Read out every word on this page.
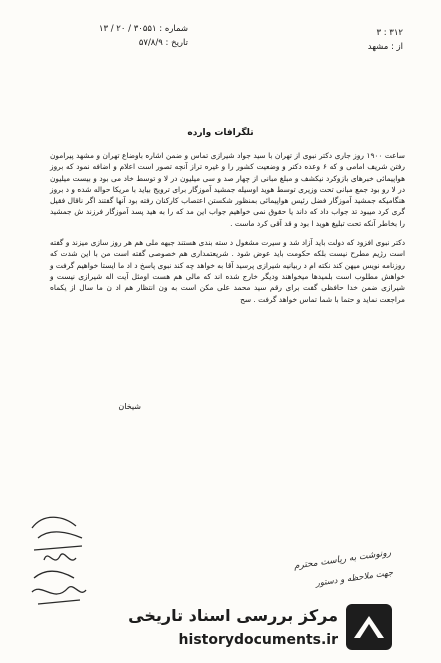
شماره : ۳۰۵۵۱ / ۲۰ / ۱۳
تاریخ : ۵۷/۸/۹
۳۱۲ : ۳
از : مشهد
تلگرافات وارده

ساعت ۱۹۰۰ روز جاری دکتر نبوی از تهران با سید جواد شیرازی تماس و ضمن اشاره باوضاع تهران و مشهد پیرامون رفتن شریف امامی و که ۶ وعده دکتر و وضعیت کشور را و غیره تراز آنچه تصور است اعلام و اضافه نمود که بروز هواپیمائی خبرهای بازوکرد نیکشف و مبلغ مبانی از چهار صد و سی میلیون در لا و توسط خاد می بود و بیست میلیون در لا رو بود جمع مبانی تحت وزیری توسط هوید اوسیله جمشید آموزگار برای ترویج بیاید با مریکا حواله شده و د بروز هنگامیکه جمشید آموزگار فضل رئیس هواپیمائی بمنظور شکستن اعتصاب کارکنان رفته بود آنها گفتند اگر ناقال فقیل گری کرد میبود تد جواب داد که داند یا حقوق نمی خواهیم جواب این مد که را به هید پسد آموزگار فرزند ش جمشید را بخاطر آنکه تحت تبلیغ هوید ا بود و قد آقی کرد ماست .

دکتر نبوی افزود که دولت باید آزاد شد و سیرت مشغول د سته بندی هستند جبهه ملی هم هر روز سازی میزند و گفته است رژیم مطرح نیست بلکه حکومت باید عوض شود . شریعتمداری هم خصوصی گفته است من با این شدت که روزنامه نویس میهن کند نکته ام د ربیانیه شیرازی پرسید آقا به خواهد چه کند نبوی پاسخ د اد ما ایستا خواهیم گرفت و خواهش مطلوب است بلمیدها میخواهند ودیگر خارج شده اند که مالی هم هست اومثل آیت اله شیرازی نیست و شیرازی ضمن خدا حافظی گفت برای رقم سید محمد علی مکن است به ون انتظار هم اد ن ما سال از یکماه مراجعت نماید و حتما با شما تماس خواهد گرفت . سح

شیخان
رونوشت به ریاست محترم
جهت ملاحظه و دستور
مرکز بررسی اسناد تاریخی
historydocuments.ir
